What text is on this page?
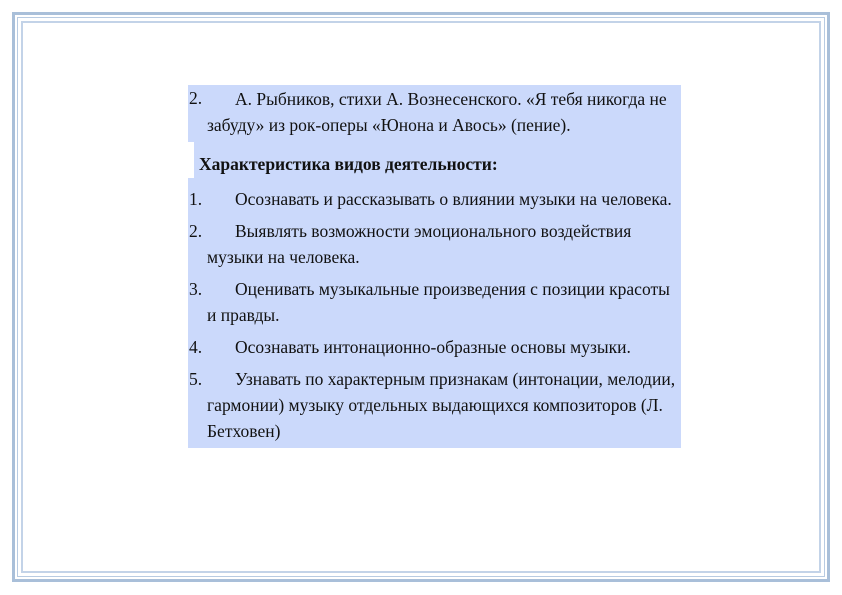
2.	А. Рыбников, стихи А. Вознесенского. «Я тебя никогда не забуду» из рок-оперы «Юнона и Авось» (пение).
Характеристика видов деятельности:
1.	Осознавать и рассказывать о влиянии музыки на человека.
2.	Выявлять возможности эмоционального воздействия музыки на человека.
3.	Оценивать музыкальные произведения с позиции красоты и правды.
4.	Осознавать интонационно-образные основы музыки.
5.	Узнавать по характерным признакам (интонации, мелодии, гармонии) музыку отдельных выдающихся композиторов (Л. Бетховен)
